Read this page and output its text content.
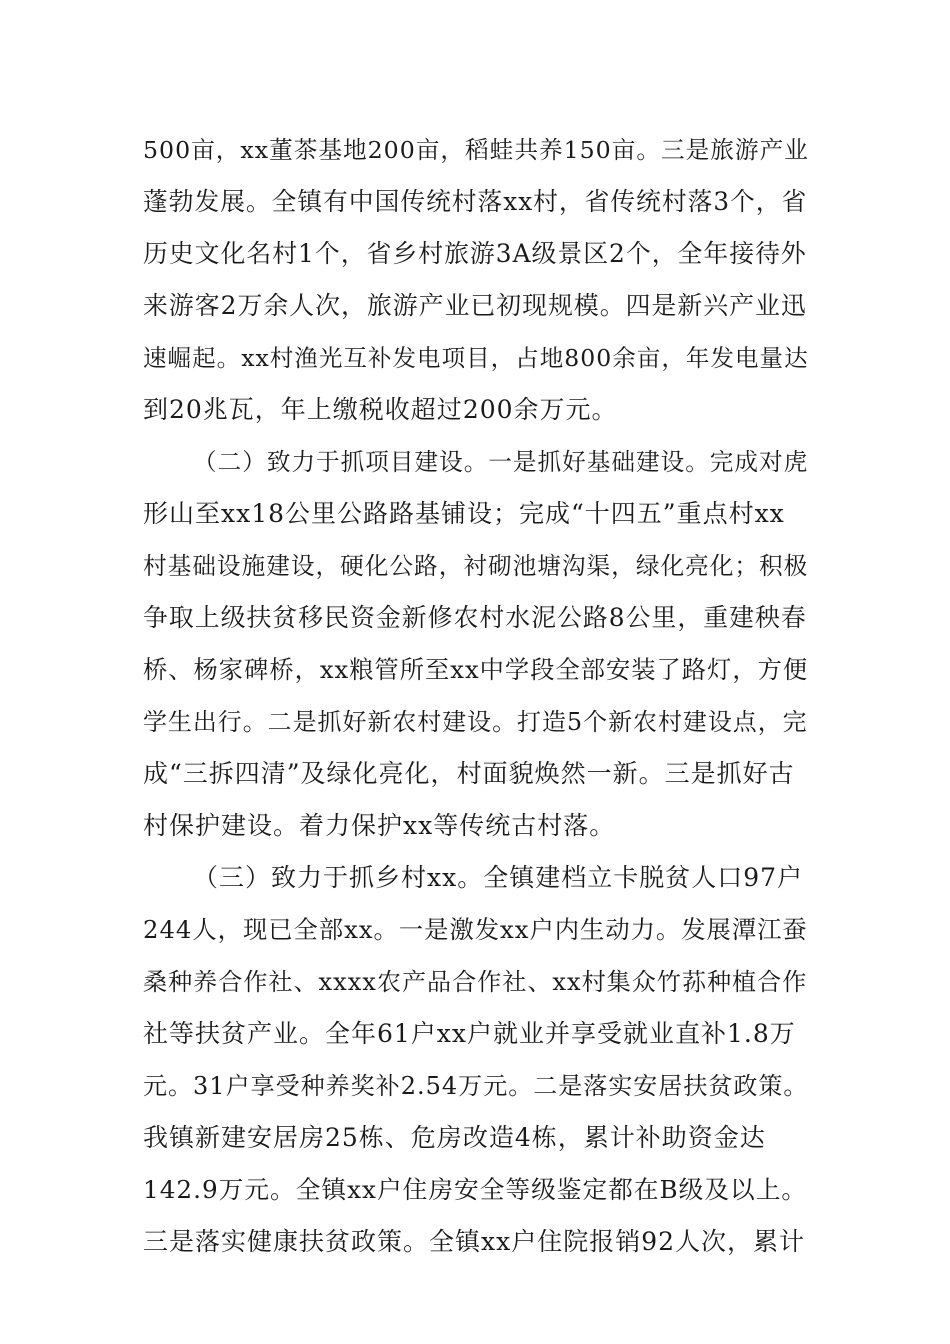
500亩，xx董茶基地200亩，稻蛙共养150亩。三是旅游产业
蓬勃发展。全镇有中国传统村落xx村，省传统村落3个，省
历史文化名村1个，省乡村旅游3A级景区2个，全年接待外
来游客2万余人次，旅游产业已初现规模。四是新兴产业迅
速崛起。xx村渔光互补发电项目，占地800余亩，年发电量达
到20兆瓦，年上缴税收超过200余万元。
（二）致力于抓项目建设。一是抓好基础建设。完成对虎
形山至xx18公里公路路基铺设；完成“十四五”重点村xx
村基础设施建设，硬化公路，衬砌池塘沟渠，绿化亮化；积极
争取上级扶贫移民资金新修农村水泥公路8公里，重建秧春
桥、杨家碑桥，xx粮管所至xx中学段全部安装了路灯，方便
学生出行。二是抓好新农村建设。打造5个新农村建设点，完
成“三拆四清”及绿化亮化，村面貌焕然一新。三是抓好古
村保护建设。着力保护xx等传统古村落。
（三）致力于抓乡村xx。全镇建档立卡脱贫人口97户
244人，现已全部xx。一是激发xx户内生动力。发展潭江蚕
桑种养合作社、xxxx农产品合作社、xx村集众竹荪种植合作
社等扶贫产业。全年61户xx户就业并享受就业直补1.8万
元。31户享受种养奖补2.54万元。二是落实安居扶贫政策。
我镇新建安居房25栋、危房改造4栋，累计补助资金达
142.9万元。全镇xx户住房安全等级鉴定都在B级及以上。
三是落实健康扶贫政策。全镇xx户住院报销92人次，累计
